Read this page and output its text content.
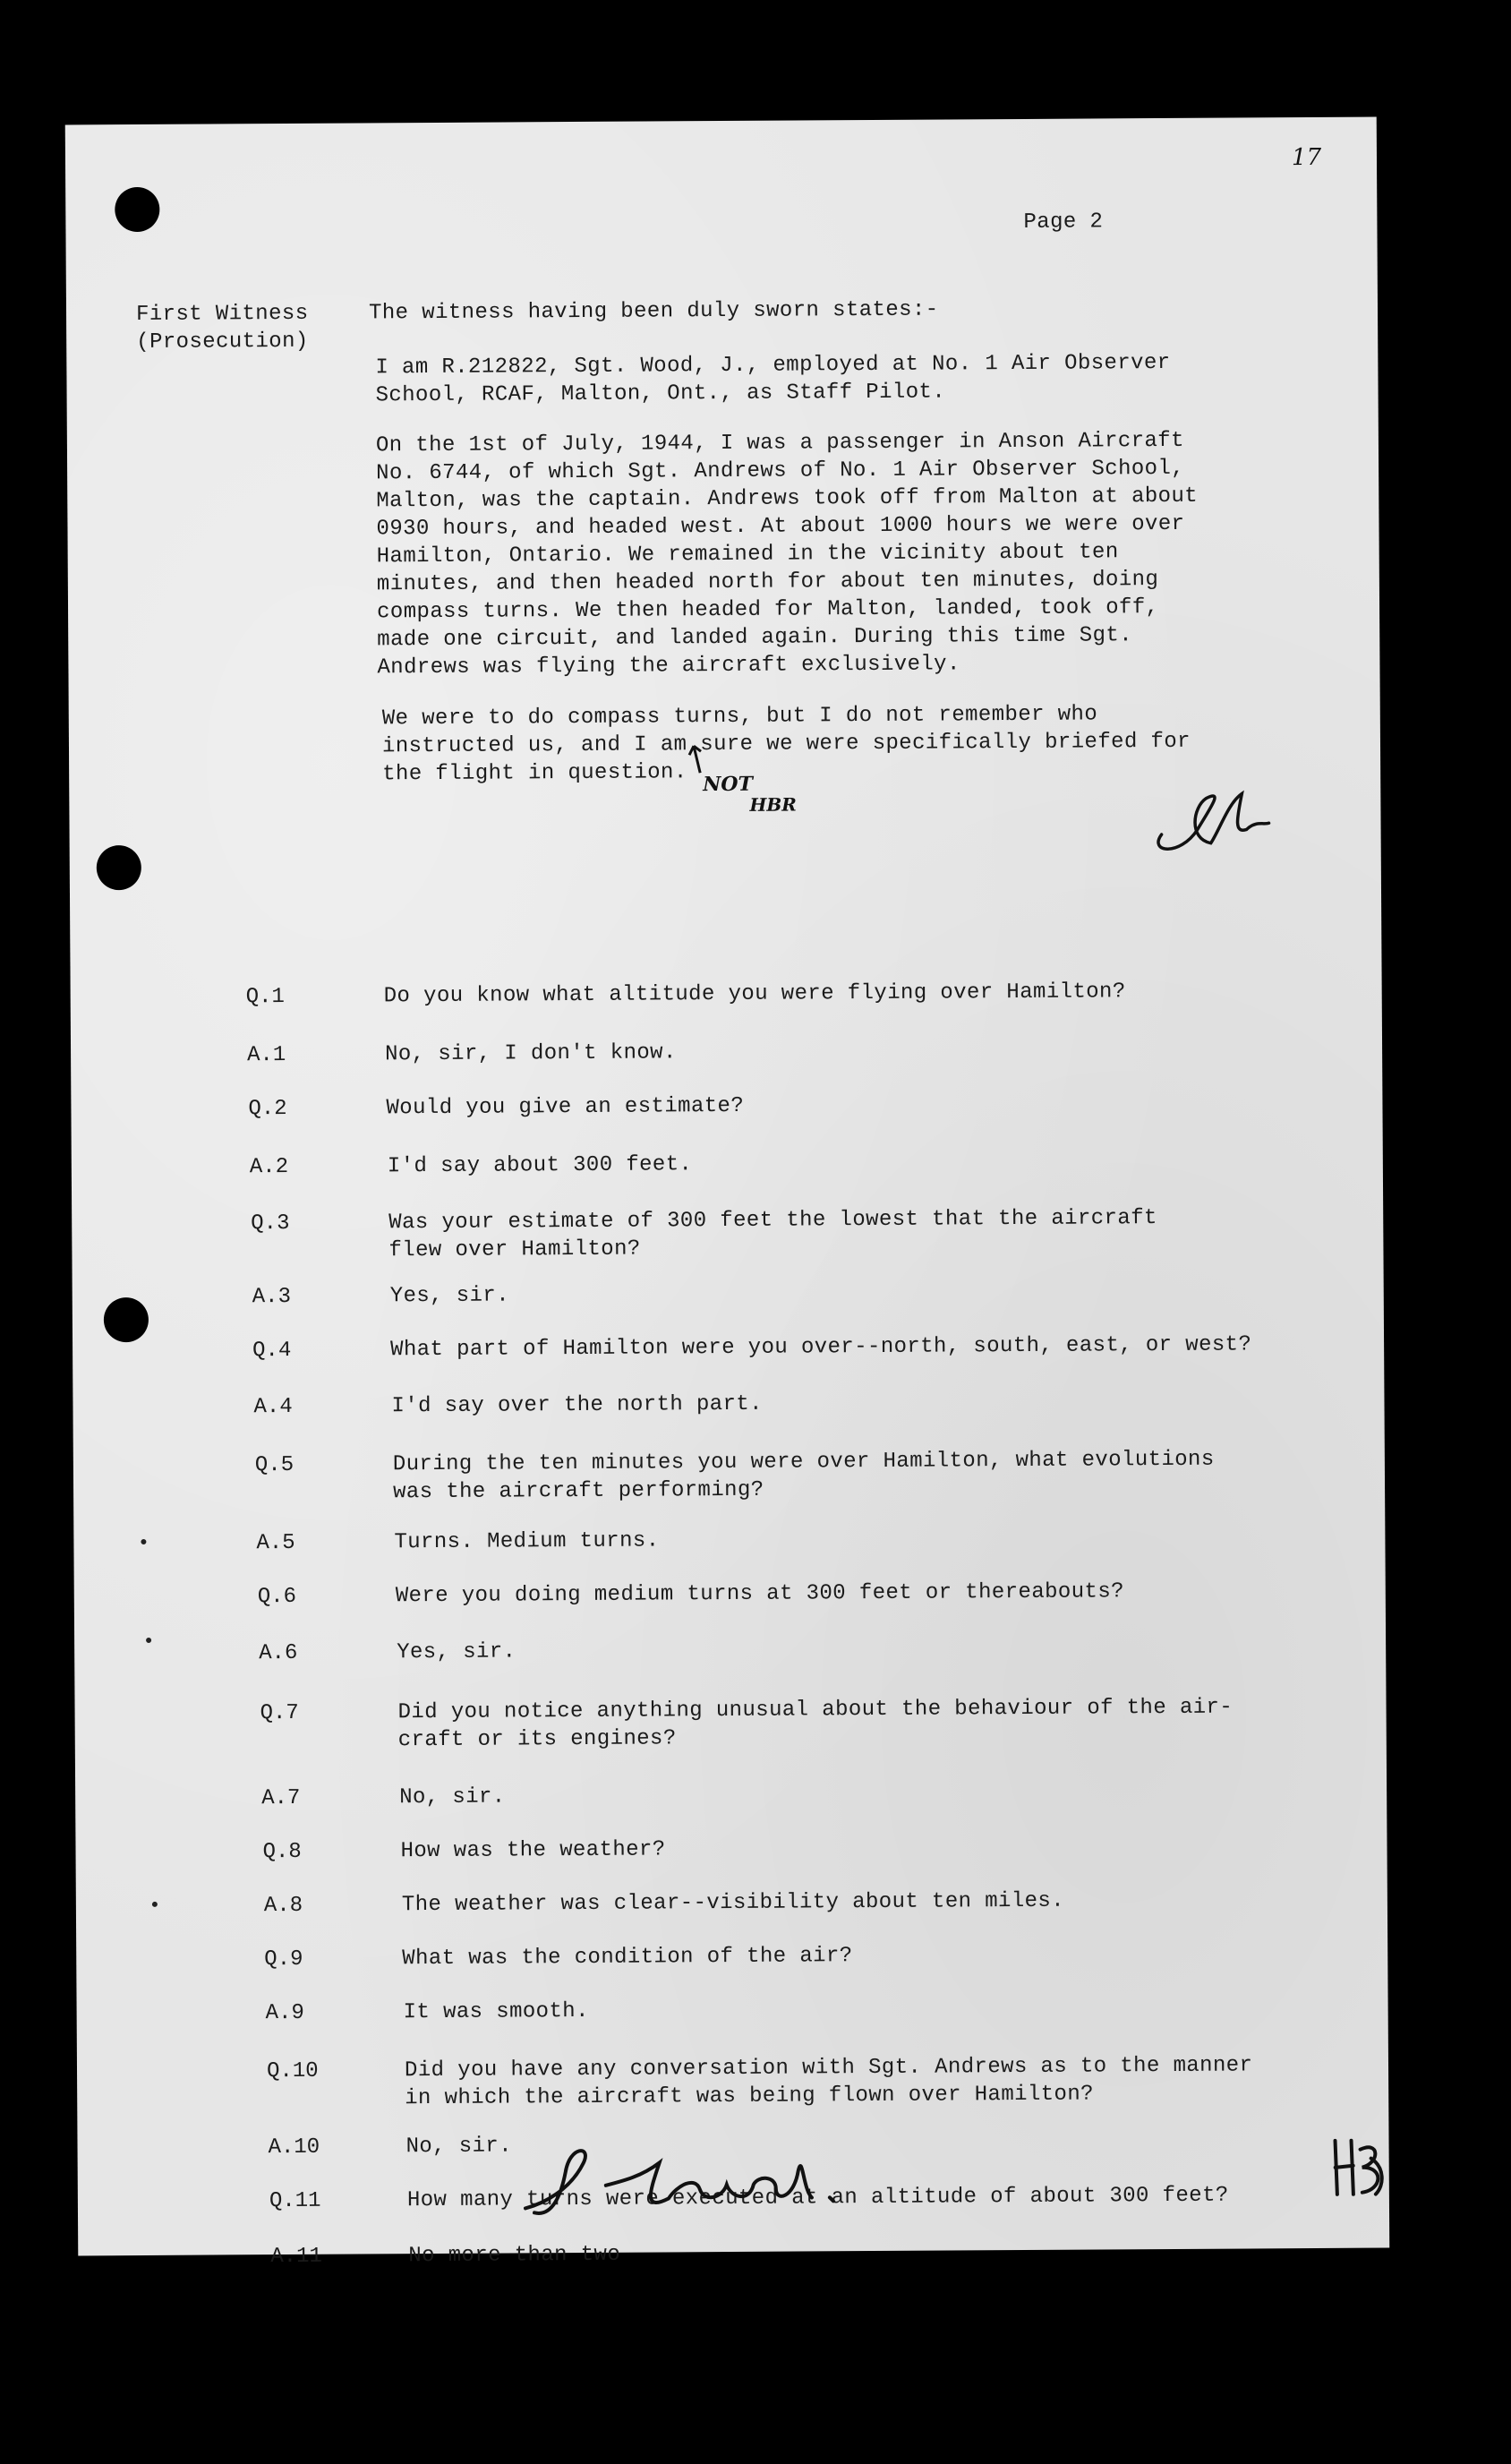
17
Page 2
First Witness
(Prosecution)
The witness having been duly sworn states:-
I am R.212822, Sgt. Wood, J., employed at No. 1 Air Observer
School, RCAF, Malton, Ont., as Staff Pilot.
On the 1st of July, 1944, I was a passenger in Anson Aircraft
No. 6744, of which Sgt. Andrews of No. 1 Air Observer School,
Malton, was the captain. Andrews took off from Malton at about
0930 hours, and headed west. At about 1000 hours we were over
Hamilton, Ontario. We remained in the vicinity about ten
minutes, and then headed north for about ten minutes, doing
compass turns. We then headed for Malton, landed, took off,
made one circuit, and landed again. During this time Sgt.
Andrews was flying the aircraft exclusively.
We were to do compass turns, but I do not remember who
instructed us, and I am sure we were specifically briefed for
the flight in question. NOT
HBR
Q.1	Do you know what altitude you were flying over Hamilton?
A.1	No, sir, I don't know.
Q.2	Would you give an estimate?
A.2	I'd say about 300 feet.
Q.3	Was your estimate of 300 feet the lowest that the aircraft
flew over Hamilton?
A.3	Yes, sir.
Q.4	What part of Hamilton were you over--north, south, east, or west?
A.4	I'd say over the north part.
Q.5	During the ten minutes you were over Hamilton, what evolutions
was the aircraft performing?
A.5	Turns. Medium turns.
Q.6	Were you doing medium turns at 300 feet or thereabouts?
A.6	Yes, sir.
Q.7	Did you notice anything unusual about the behaviour of the air-
craft or its engines?
A.7	No, sir.
Q.8	How was the weather?
A.8	The weather was clear--visibility about ten miles.
Q.9	What was the condition of the air?
A.9	It was smooth.
Q.10	Did you have any conversation with Sgt. Andrews as to the manner
in which the aircraft was being flown over Hamilton?
A.10	No, sir.
Q.11	How many turns were executed at an altitude of about 300 feet?
A.11	No more than two
